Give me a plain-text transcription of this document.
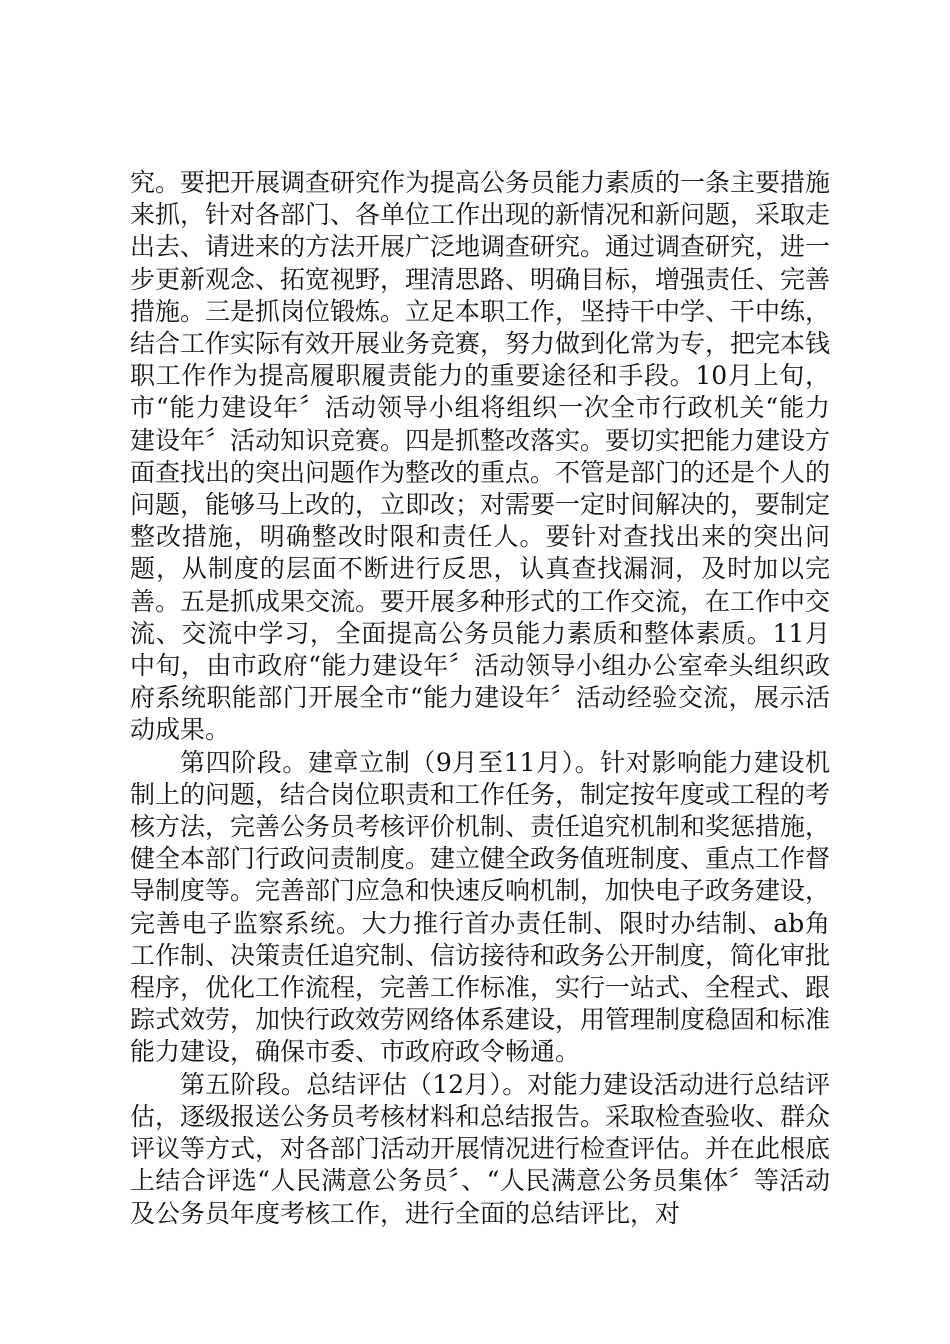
究。要把开展调查研究作为提高公务员能力素质的一条主要措施来抓，针对各部门、各单位工作出现的新情况和新问题，采取走出去、请进来的方法开展广泛地调查研究。通过调查研究，进一步更新观念、拓宽视野，理清思路、明确目标，增强责任、完善措施。三是抓岗位锻炼。立足本职工作，坚持干中学、干中练，结合工作实际有效开展业务竞赛，努力做到化常为专，把完本钱职工作作为提高履职履责能力的重要途径和手段。10月上旬，市“能力建设年〞活动领导小组将组织一次全市行政机关“能力建设年〞活动知识竞赛。四是抓整改落实。要切实把能力建设方面查找出的突出问题作为整改的重点。不管是部门的还是个人的问题，能够马上改的，立即改；对需要一定时间解决的，要制定整改措施，明确整改时限和责任人。要针对查找出来的突出问题，从制度的层面不断进行反思，认真查找漏洞，及时加以完善。五是抓成果交流。要开展多种形式的工作交流，在工作中交流、交流中学习，全面提高公务员能力素质和整体素质。11月中旬，由市政府“能力建设年〞活动领导小组办公室牵头组织政府系统职能部门开展全市“能力建设年〞活动经验交流，展示活动成果。

第四阶段。建章立制（9月至11月）。针对影响能力建设机制上的问题，结合岗位职责和工作任务，制定按年度或工程的考核方法，完善公务员考核评价机制、责任追究机制和奖惩措施，健全本部门行政问责制度。建立健全政务值班制度、重点工作督导制度等。完善部门应急和快速反响机制，加快电子政务建设，完善电子监察系统。大力推行首办责任制、限时办结制、ab角工作制、决策责任追究制、信访接待和政务公开制度，简化审批程序，优化工作流程，完善工作标准，实行一站式、全程式、跟踪式效劳，加快行政效劳网络体系建设，用管理制度稳固和标准能力建设，确保市委、市政府政令畅通。

第五阶段。总结评估（12月）。对能力建设活动进行总结评估，逐级报送公务员考核材料和总结报告。采取检查验收、群众评议等方式，对各部门活动开展情况进行检查评估。并在此根底上结合评选“人民满意公务员〞、“人民满意公务员集体〞等活动及公务员年度考核工作，进行全面的总结评比，对
